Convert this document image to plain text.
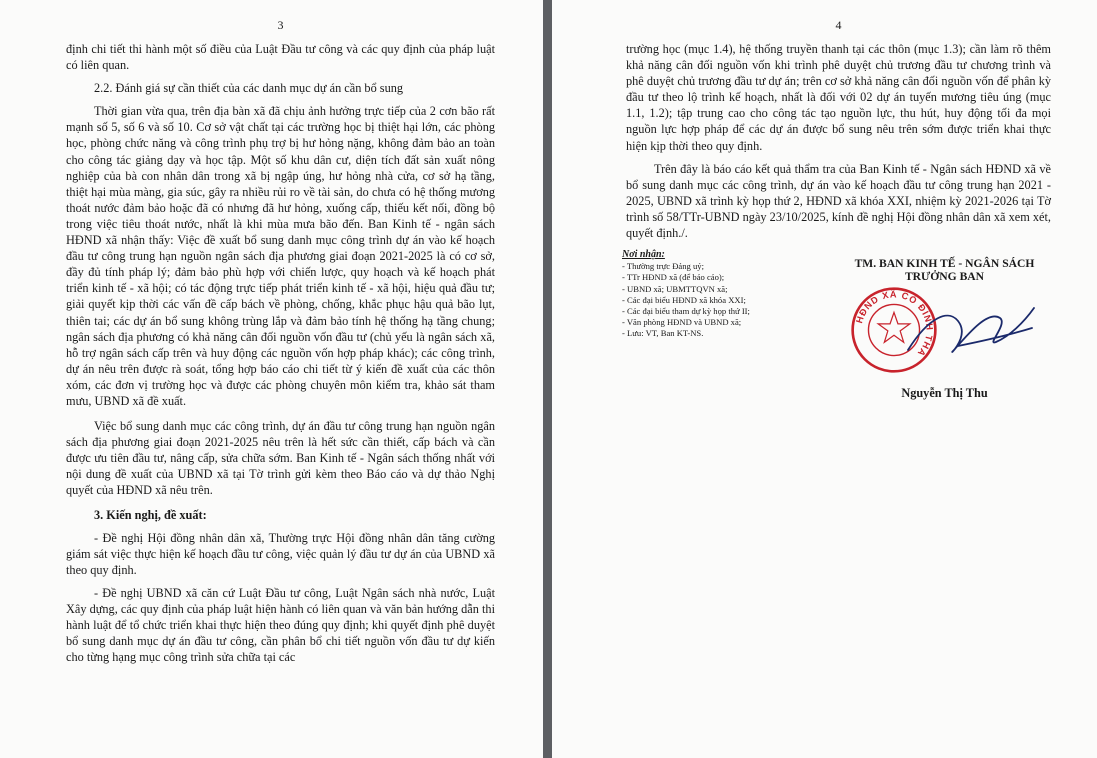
3

định chi tiết thi hành một số điều của Luật Đầu tư công và các quy định của pháp luật có liên quan.

2.2. Đánh giá sự cần thiết của các danh mục dự án cần bổ sung

Thời gian vừa qua, trên địa bàn xã đã chịu ảnh hưởng trực tiếp của 2 cơn bão rất mạnh số 5, số 6 và số 10. Cơ sở vật chất tại các trường học bị thiệt hại lớn, các phòng học, phòng chức năng và công trình phụ trợ bị hư hỏng nặng, không đảm bảo an toàn cho công tác giảng dạy và học tập. Một số khu dân cư, diện tích đất sản xuất nông nghiệp của bà con nhân dân trong xã bị ngập úng, hư hỏng nhà cửa, cơ sở hạ tầng, thiệt hại mùa màng, gia súc, gây ra nhiều rủi ro về tài sản, do chưa có hệ thống mương thoát nước đảm bảo hoặc đã có nhưng đã hư hỏng, xuống cấp, thiếu kết nối, đồng bộ trong việc tiêu thoát nước, nhất là khi mùa mưa bão đến. Ban Kinh tế - ngân sách HĐND xã nhận thấy: Việc đề xuất bổ sung danh mục công trình dự án vào kế hoạch đầu tư công trung hạn nguồn ngân sách địa phương giai đoạn 2021-2025 là có cơ sở, đầy đủ tính pháp lý; đảm bảo phù hợp với chiến lược, quy hoạch và kế hoạch phát triển kinh tế - xã hội; có tác động trực tiếp phát triển kinh tế - xã hội, hiệu quả đầu tư; giải quyết kịp thời các vấn đề cấp bách về phòng, chống, khắc phục hậu quả bão lụt, thiên tai; các dự án bổ sung không trùng lắp và đảm bảo tính hệ thống hạ tầng chung; ngân sách địa phương có khả năng cân đối nguồn vốn đầu tư (chủ yếu là ngân sách xã, hỗ trợ ngân sách cấp trên và huy động các nguồn vốn hợp pháp khác); các công trình, dự án nêu trên được rà soát, tổng hợp báo cáo chi tiết từ ý kiến đề xuất của các thôn xóm, các đơn vị trường học và được các phòng chuyên môn kiểm tra, khảo sát tham mưu, UBND xã đề xuất.

Việc bổ sung danh mục các công trình, dự án đầu tư công trung hạn nguồn ngân sách địa phương giai đoạn 2021-2025 nêu trên là hết sức cần thiết, cấp bách và cần được ưu tiên đầu tư, nâng cấp, sửa chữa sớm. Ban Kinh tế - Ngân sách thống nhất với nội dung đề xuất của UBND xã tại Tờ trình gửi kèm theo Báo cáo và dự thảo Nghị quyết của HĐND xã nêu trên.

3. Kiến nghị, đề xuất:

- Đề nghị Hội đồng nhân dân xã, Thường trực Hội đồng nhân dân tăng cường giám sát việc thực hiện kế hoạch đầu tư công, việc quản lý đầu tư dự án của UBND xã theo quy định.

- Đề nghị UBND xã căn cứ Luật Đầu tư công, Luật Ngân sách nhà nước, Luật Xây dựng, các quy định của pháp luật hiện hành có liên quan và văn bản hướng dẫn thi hành luật để tổ chức triển khai thực hiện theo đúng quy định; khi quyết định phê duyệt bổ sung danh mục dự án đầu tư công, cần phân bổ chi tiết nguồn vốn đầu tư dự kiến cho từng hạng mục công trình sửa chữa tại các

4

trường học (mục 1.4), hệ thống truyền thanh tại các thôn (mục 1.3); cần làm rõ thêm khả năng cân đối nguồn vốn khi trình phê duyệt chủ trương đầu tư chương trình và phê duyệt chủ trương đầu tư dự án; trên cơ sở khả năng cân đối nguồn vốn để phân kỳ đầu tư theo lộ trình kế hoạch, nhất là đối với 02 dự án tuyến mương tiêu úng (mục 1.1, 1.2); tập trung cao cho công tác tạo nguồn lực, thu hút, huy động tối đa mọi nguồn lực hợp pháp để các dự án được bổ sung nêu trên sớm được triển khai thực hiện kịp thời theo quy định.

Trên đây là báo cáo kết quả thẩm tra của Ban Kinh tế - Ngân sách HĐND xã về bổ sung danh mục các công trình, dự án vào kế hoạch đầu tư công trung hạn 2021 - 2025, UBND xã trình kỳ họp thứ 2, HĐND xã khóa XXI, nhiệm kỳ 2021-2026 tại Tờ trình số 58/TTr-UBND ngày 23/10/2025, kính đề nghị Hội đồng nhân dân xã xem xét, quyết định./.

Nơi nhận:
- Thường trực Đảng uỷ;
- TTr HĐND xã (để báo cáo);
- UBND xã; UBMTTQVN xã;
- Các đại biểu HĐND xã khóa XXI;
- Các đại biểu tham dự kỳ họp thứ II;
- Văn phòng HĐND và UBND xã;
- Lưu: VT, Ban KT-NS.
TM. BAN KINH TẾ - NGÂN SÁCH
TRƯỞNG BAN
HĐND XÃ CÓ ĐÌNH THA
Nguyễn Thị Thu
